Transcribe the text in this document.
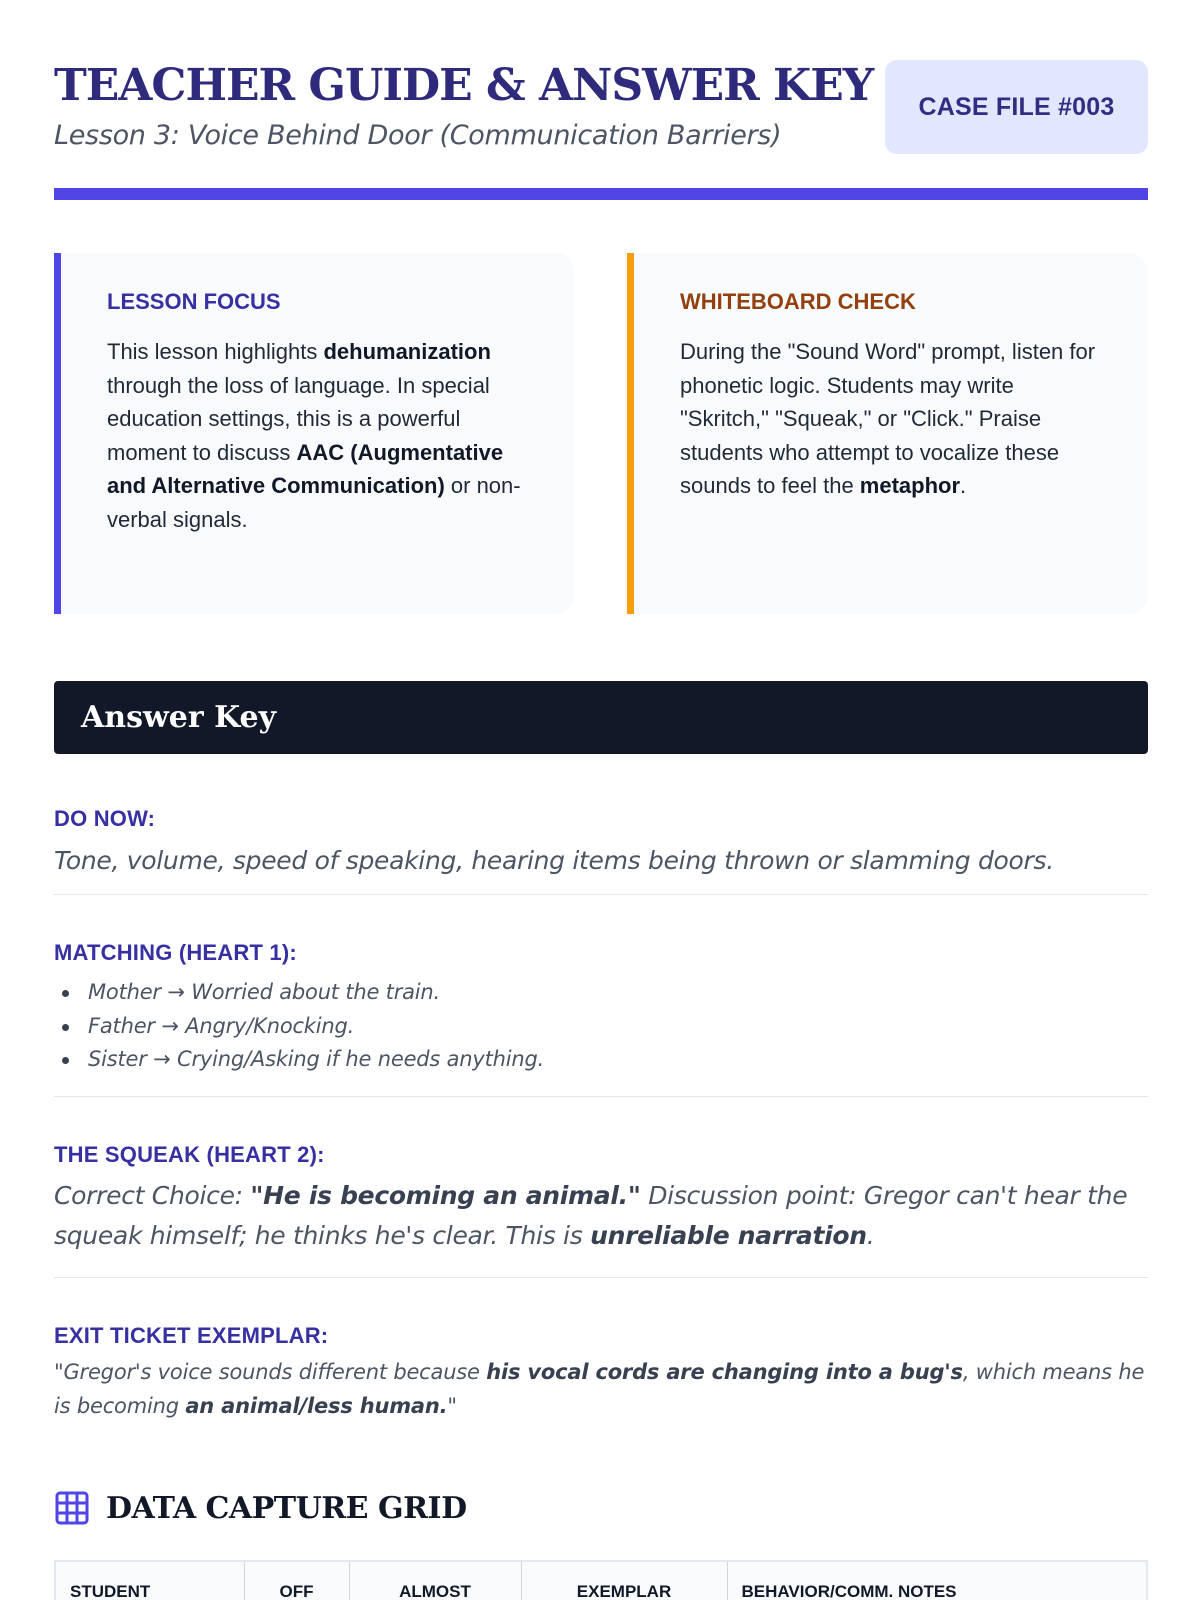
TEACHER GUIDE & ANSWER KEY
Lesson 3: Voice Behind Door (Communication Barriers)
CASE FILE #003
LESSON FOCUS
This lesson highlights dehumanization through the loss of language. In special education settings, this is a powerful moment to discuss AAC (Augmentative and Alternative Communication) or non-verbal signals.
WHITEBOARD CHECK
During the "Sound Word" prompt, listen for phonetic logic. Students may write "Skritch," "Squeak," or "Click." Praise students who attempt to vocalize these sounds to feel the metaphor.
Answer Key
DO NOW:
Tone, volume, speed of speaking, hearing items being thrown or slamming doors.
MATCHING (HEART 1):
Mother → Worried about the train.
Father → Angry/Knocking.
Sister → Crying/Asking if he needs anything.
THE SQUEAK (HEART 2):
Correct Choice: "He is becoming an animal." Discussion point: Gregor can't hear the squeak himself; he thinks he's clear. This is unreliable narration.
EXIT TICKET EXEMPLAR:
"Gregor's voice sounds different because his vocal cords are changing into a bug's, which means he is becoming an animal/less human."
DATA CAPTURE GRID
STUDENT	OFF	ALMOST	EXEMPLAR	BEHAVIOR/COMM. NOTES
